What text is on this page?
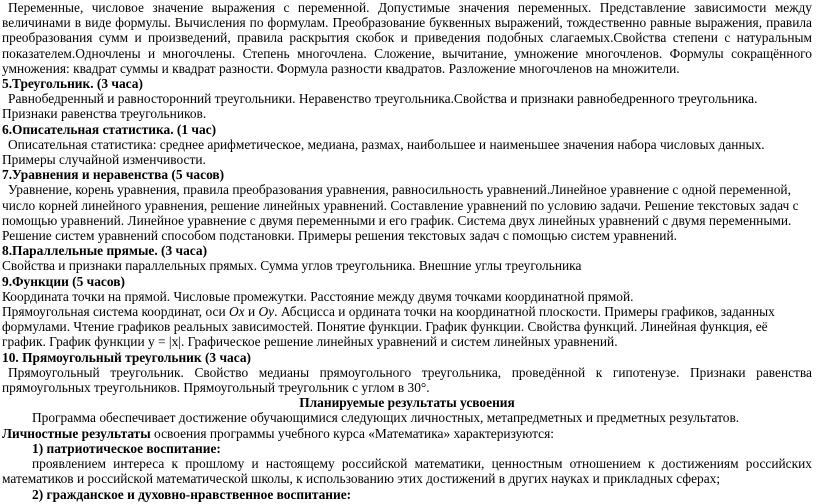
Переменные, числовое значение выражения с переменной. Допустимые значения переменных. Представление зависимости между величинами в виде формулы. Вычисления по формулам. Преобразование буквенных выражений, тождественно равные выражения, правила преобразования сумм и произведений, правила раскрытия скобок и приведения подобных слагаемых.Свойства степени с натуральным показателем.Одночлены и многочлены. Степень многочлена. Сложение, вычитание, умножение многочленов. Формулы сокращённого умножения: квадрат суммы и квадрат разности. Формула разности квадратов. Разложение многочленов на множители.

5.Треугольник. (3 часа)

Равнобедренный и равносторонний треугольники. Неравенство треугольника.Свойства и признаки равнобедренного треугольника. Признаки равенства треугольников.

6.Описательная статистика. (1 час)

Описательная статистика: среднее арифметическое, медиана, размах, наибольшее и наименьшее значения набора числовых данных. Примеры случайной изменчивости.

7.Уравнения и неравенства (5 часов)

Уравнение, корень уравнения, правила преобразования уравнения, равносильность уравнений.Линейное уравнение с одной переменной, число корней линейного уравнения, решение линейных уравнений. Составление уравнений по условию задачи. Решение текстовых задач с помощью уравнений. Линейное уравнение с двумя переменными и его график. Система двух линейных уравнений с двумя переменными. Решение систем уравнений способом подстановки. Примеры решения текстовых задач с помощью систем уравнений.

8.Параллельные прямые. (3 часа)

Свойства и признаки параллельных прямых. Сумма углов треугольника. Внешние углы треугольника

9.Функции (5 часов)

Координата точки на прямой. Числовые промежутки. Расстояние между двумя точками координатной прямой.

Прямоугольная система координат, оси Ox и Oy. Абсцисса и ордината точки на координатной плоскости. Примеры графиков, заданных формулами. Чтение графиков реальных зависимостей. Понятие функции. График функции. Свойства функций. Линейная функция, её график. График функции y = |x|. Графическое решение линейных уравнений и систем линейных уравнений.

10. Прямоугольный треугольник (3 часа)

Прямоугольный треугольник. Свойство медианы прямоугольного треугольника, проведённой к гипотенузе. Признаки равенства прямоугольных треугольников. Прямоугольный треугольник с углом в 30°.

Планируемые результаты усвоения

Программа обеспечивает достижение обучающимися следующих личностных, метапредметных и предметных результатов.

Личностные результаты освоения программы учебного курса «Математика» характеризуются:

1) патриотическое воспитание:

проявлением интереса к прошлому и настоящему российской математики, ценностным отношением к достижениям российских математиков и российской математической школы, к использованию этих достижений в других науках и прикладных сферах;

2) гражданское и духовно-нравственное воспитание:
